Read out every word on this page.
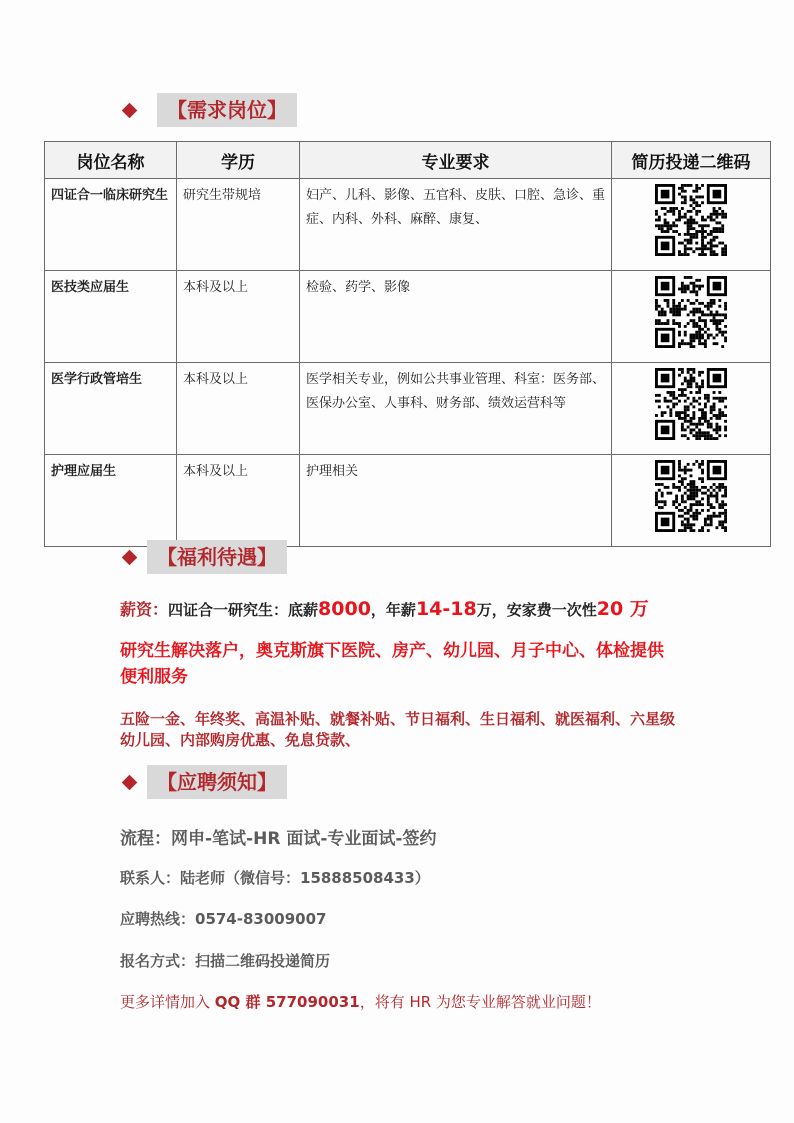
【需求岗位】
岗位名称	学历	专业要求	简历投递二维码
四证合一临床研究生	研究生带规培	妇产、儿科、影像、五官科、皮肤、口腔、急诊、重症、内科、外科、麻醉、康复、	
医技类应届生	本科及以上	检验、药学、影像	
医学行政管培生	本科及以上	医学相关专业，例如公共事业管理、科室：医务部、医保办公室、人事科、财务部、绩效运营科等	
护理应届生	本科及以上	护理相关	
【福利待遇】
薪资：四证合一研究生：底薪8000，年薪14-18万，安家费一次性20 万
研究生解决落户，奥克斯旗下医院、房产、幼儿园、月子中心、体检提供便利服务
五险一金、年终奖、高温补贴、就餐补贴、节日福利、生日福利、就医福利、六星级幼儿园、内部购房优惠、免息贷款、
【应聘须知】
流程：网申-笔试-HR 面试-专业面试-签约
联系人：陆老师（微信号：15888508433）
应聘热线：0574-83009007
报名方式：扫描二维码投递简历
更多详情加入 QQ 群 577090031，将有 HR 为您专业解答就业问题！
